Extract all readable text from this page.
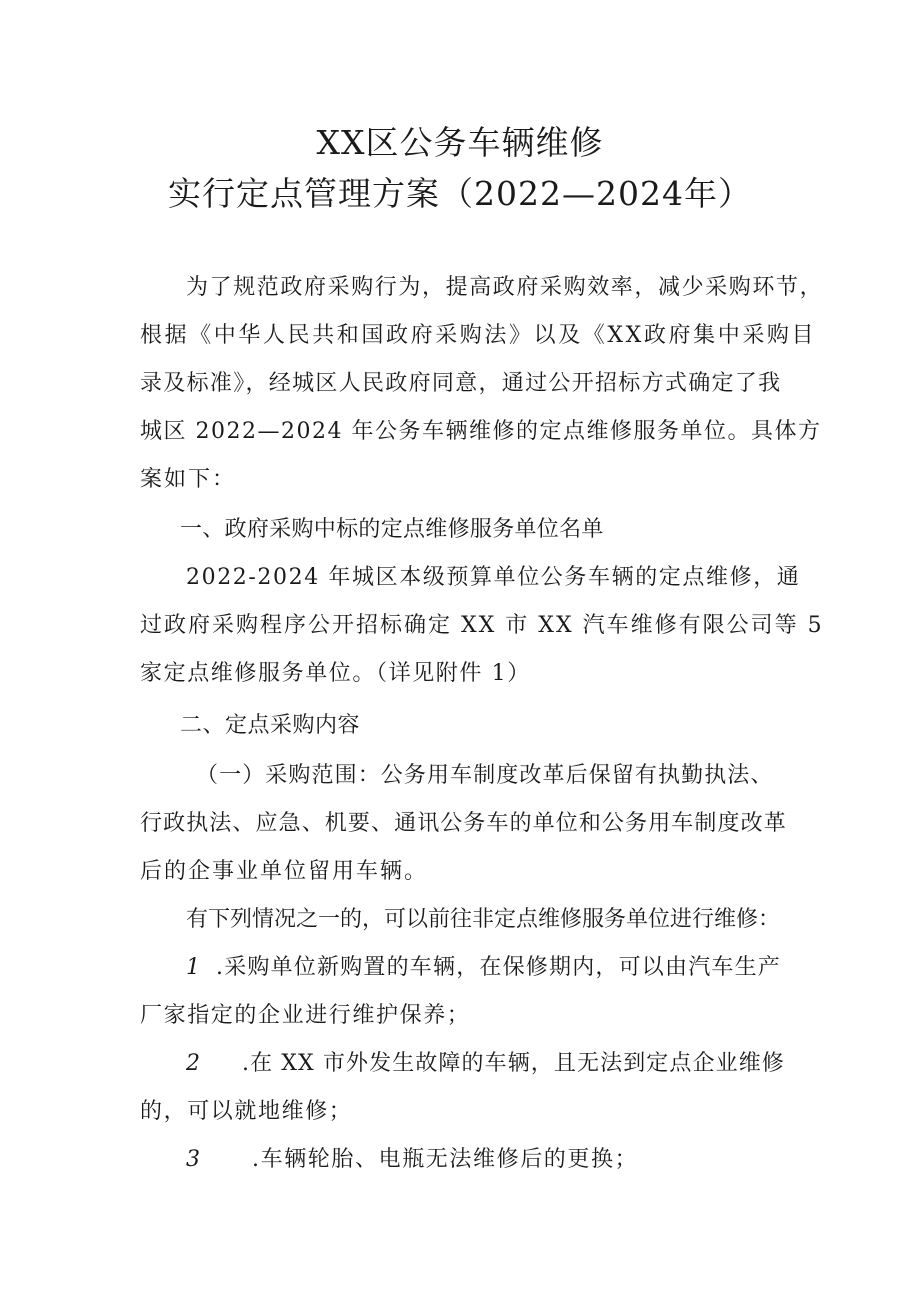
XX区公务车辆维修
实行定点管理方案（2022—2024年）
为了规范政府采购行为，提高政府采购效率，减少采购环节，
根据《中华人民共和国政府采购法》以及《XX政府集中采购目
录及标准》，经城区人民政府同意，通过公开招标方式确定了我
城区 2022—2024 年公务车辆维修的定点维修服务单位。具体方
案如下：
一、政府采购中标的定点维修服务单位名单
2022-2024 年城区本级预算单位公务车辆的定点维修，通
过政府采购程序公开招标确定 XX 市 XX 汽车维修有限公司等 5
家定点维修服务单位。（详见附件 1）
二、定点采购内容
（一）采购范围：公务用车制度改革后保留有执勤执法、
行政执法、应急、机要、通讯公务车的单位和公务用车制度改革
后的企事业单位留用车辆。
有下列情况之一的，可以前往非定点维修服务单位进行维修：
1 .采购单位新购置的车辆，在保修期内，可以由汽车生产
厂家指定的企业进行维护保养；
2 .在 XX 市外发生故障的车辆，且无法到定点企业维修
的，可以就地维修；
3 .车辆轮胎、电瓶无法维修后的更换；
